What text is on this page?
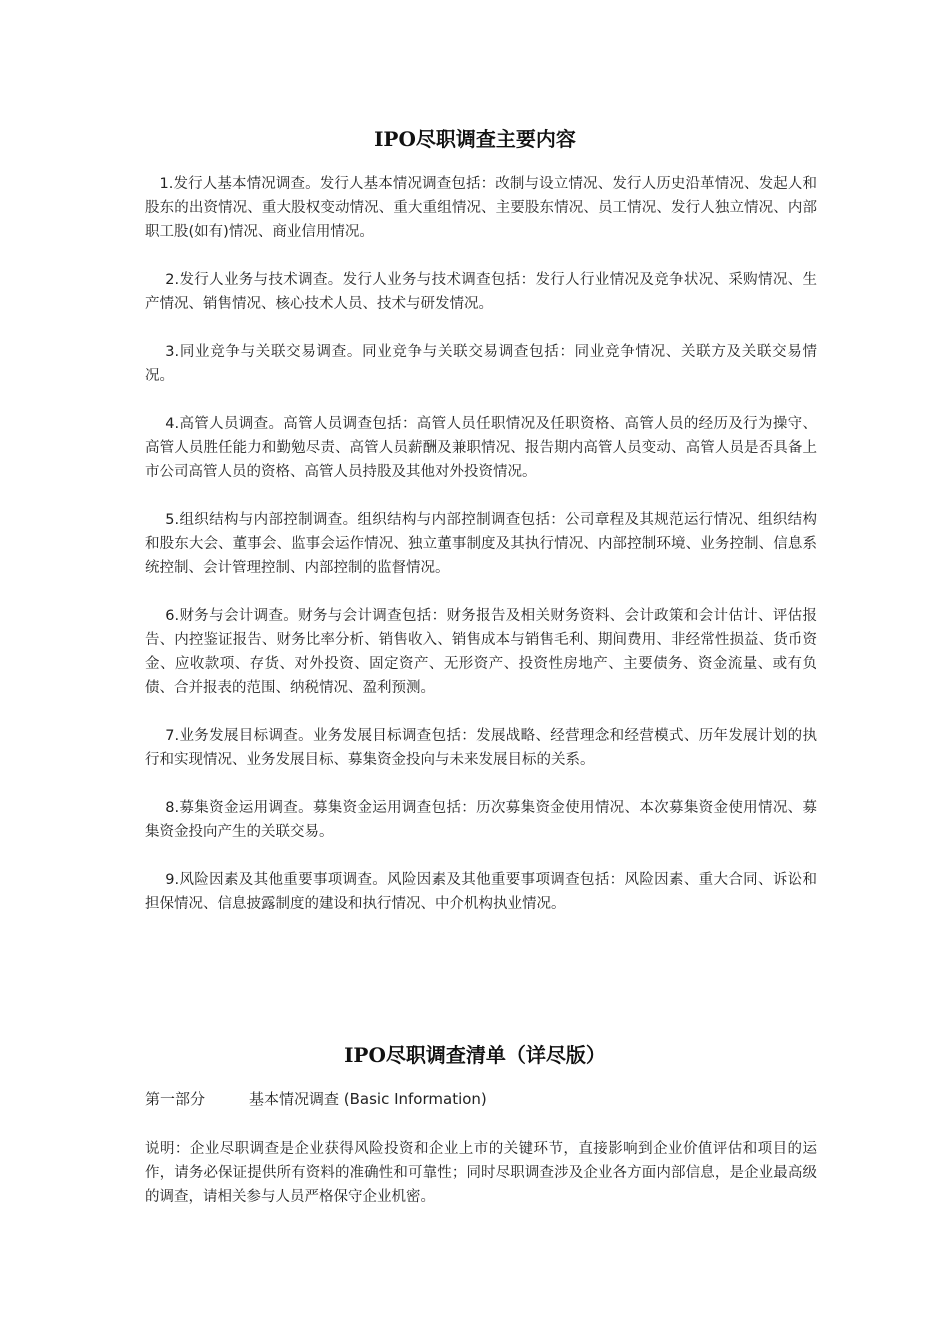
IPO尽职调查主要内容

1.发行人基本情况调查。发行人基本情况调查包括：改制与设立情况、发行人历史沿革情况、发起人和股东的出资情况、重大股权变动情况、重大重组情况、主要股东情况、员工情况、发行人独立情况、内部职工股(如有)情况、商业信用情况。

2.发行人业务与技术调查。发行人业务与技术调查包括：发行人行业情况及竞争状况、采购情况、生产情况、销售情况、核心技术人员、技术与研发情况。

3.同业竞争与关联交易调查。同业竞争与关联交易调查包括：同业竞争情况、关联方及关联交易情况。

4.高管人员调查。高管人员调查包括：高管人员任职情况及任职资格、高管人员的经历及行为操守、高管人员胜任能力和勤勉尽责、高管人员薪酬及兼职情况、报告期内高管人员变动、高管人员是否具备上市公司高管人员的资格、高管人员持股及其他对外投资情况。

5.组织结构与内部控制调查。组织结构与内部控制调查包括：公司章程及其规范运行情况、组织结构和股东大会、董事会、监事会运作情况、独立董事制度及其执行情况、内部控制环境、业务控制、信息系统控制、会计管理控制、内部控制的监督情况。

6.财务与会计调查。财务与会计调查包括：财务报告及相关财务资料、会计政策和会计估计、评估报告、内控鉴证报告、财务比率分析、销售收入、销售成本与销售毛利、期间费用、非经常性损益、货币资金、应收款项、存货、对外投资、固定资产、无形资产、投资性房地产、主要债务、资金流量、或有负债、合并报表的范围、纳税情况、盈利预测。

7.业务发展目标调查。业务发展目标调查包括：发展战略、经营理念和经营模式、历年发展计划的执行和实现情况、业务发展目标、募集资金投向与未来发展目标的关系。

8.募集资金运用调查。募集资金运用调查包括：历次募集资金使用情况、本次募集资金使用情况、募集资金投向产生的关联交易。

9.风险因素及其他重要事项调查。风险因素及其他重要事项调查包括：风险因素、重大合同、诉讼和担保情况、信息披露制度的建设和执行情况、中介机构执业情况。

IPO尽职调查清单（详尽版）

第一部分	基本情况调查 (Basic Information)

说明：企业尽职调查是企业获得风险投资和企业上市的关键环节，直接影响到企业价值评估和项目的运作，请务必保证提供所有资料的准确性和可靠性；同时尽职调查涉及企业各方面内部信息，是企业最高级的调查，请相关参与人员严格保守企业机密。
